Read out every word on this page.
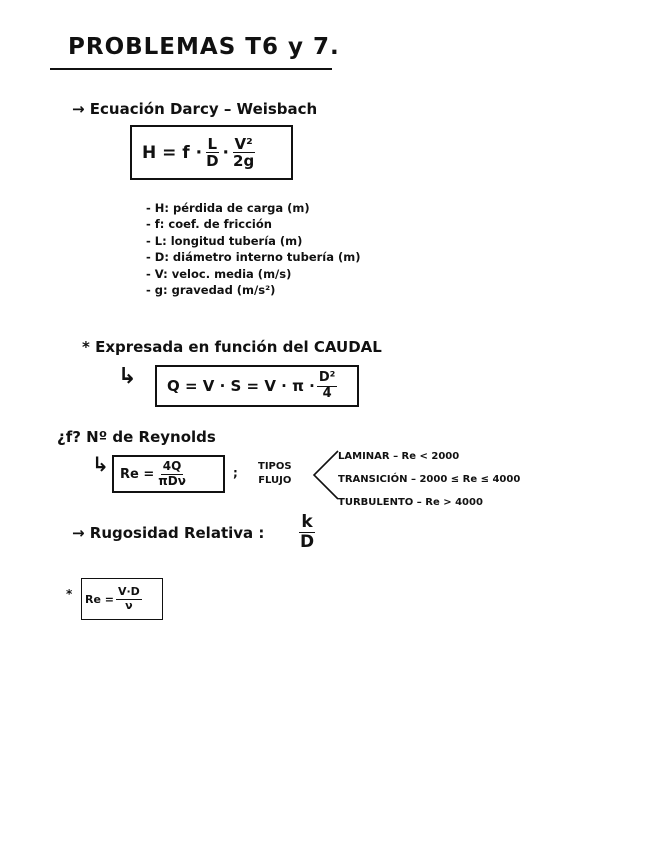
PROBLEMAS T6 y 7.
→ Ecuación Darcy – Weisbach
$H = f \cdot \frac{L}{D} \cdot \frac{\text{V²}}{2g}$
- H: pérdida de carga (m)
- f: coef. de fricción
- L: longitud tubería (m)
- D: diámetro interno tubería (m)
- V: veloc. media (m/s)
- g: gravedad (m/s²)
* Expresada en función del CAUDAL
↳ $Q = V \cdot S = V \cdot \pi \cdot \frac{\text{D²}}{4}$
¿f? Nº de Reynolds
↳ $Re = \frac{4Q}{\text{πDν}}$	; TIPOS
FLUJO
LAMINAR – Re < 2000
TRANSICIÓN – 2000 ≤ Re ≤ 4000
TURBULENTO – Re > 4000
→ Rugosidad Relativa : $\frac{k}{D}$
* $Re = \frac{V\cdot D}{\nu}$
